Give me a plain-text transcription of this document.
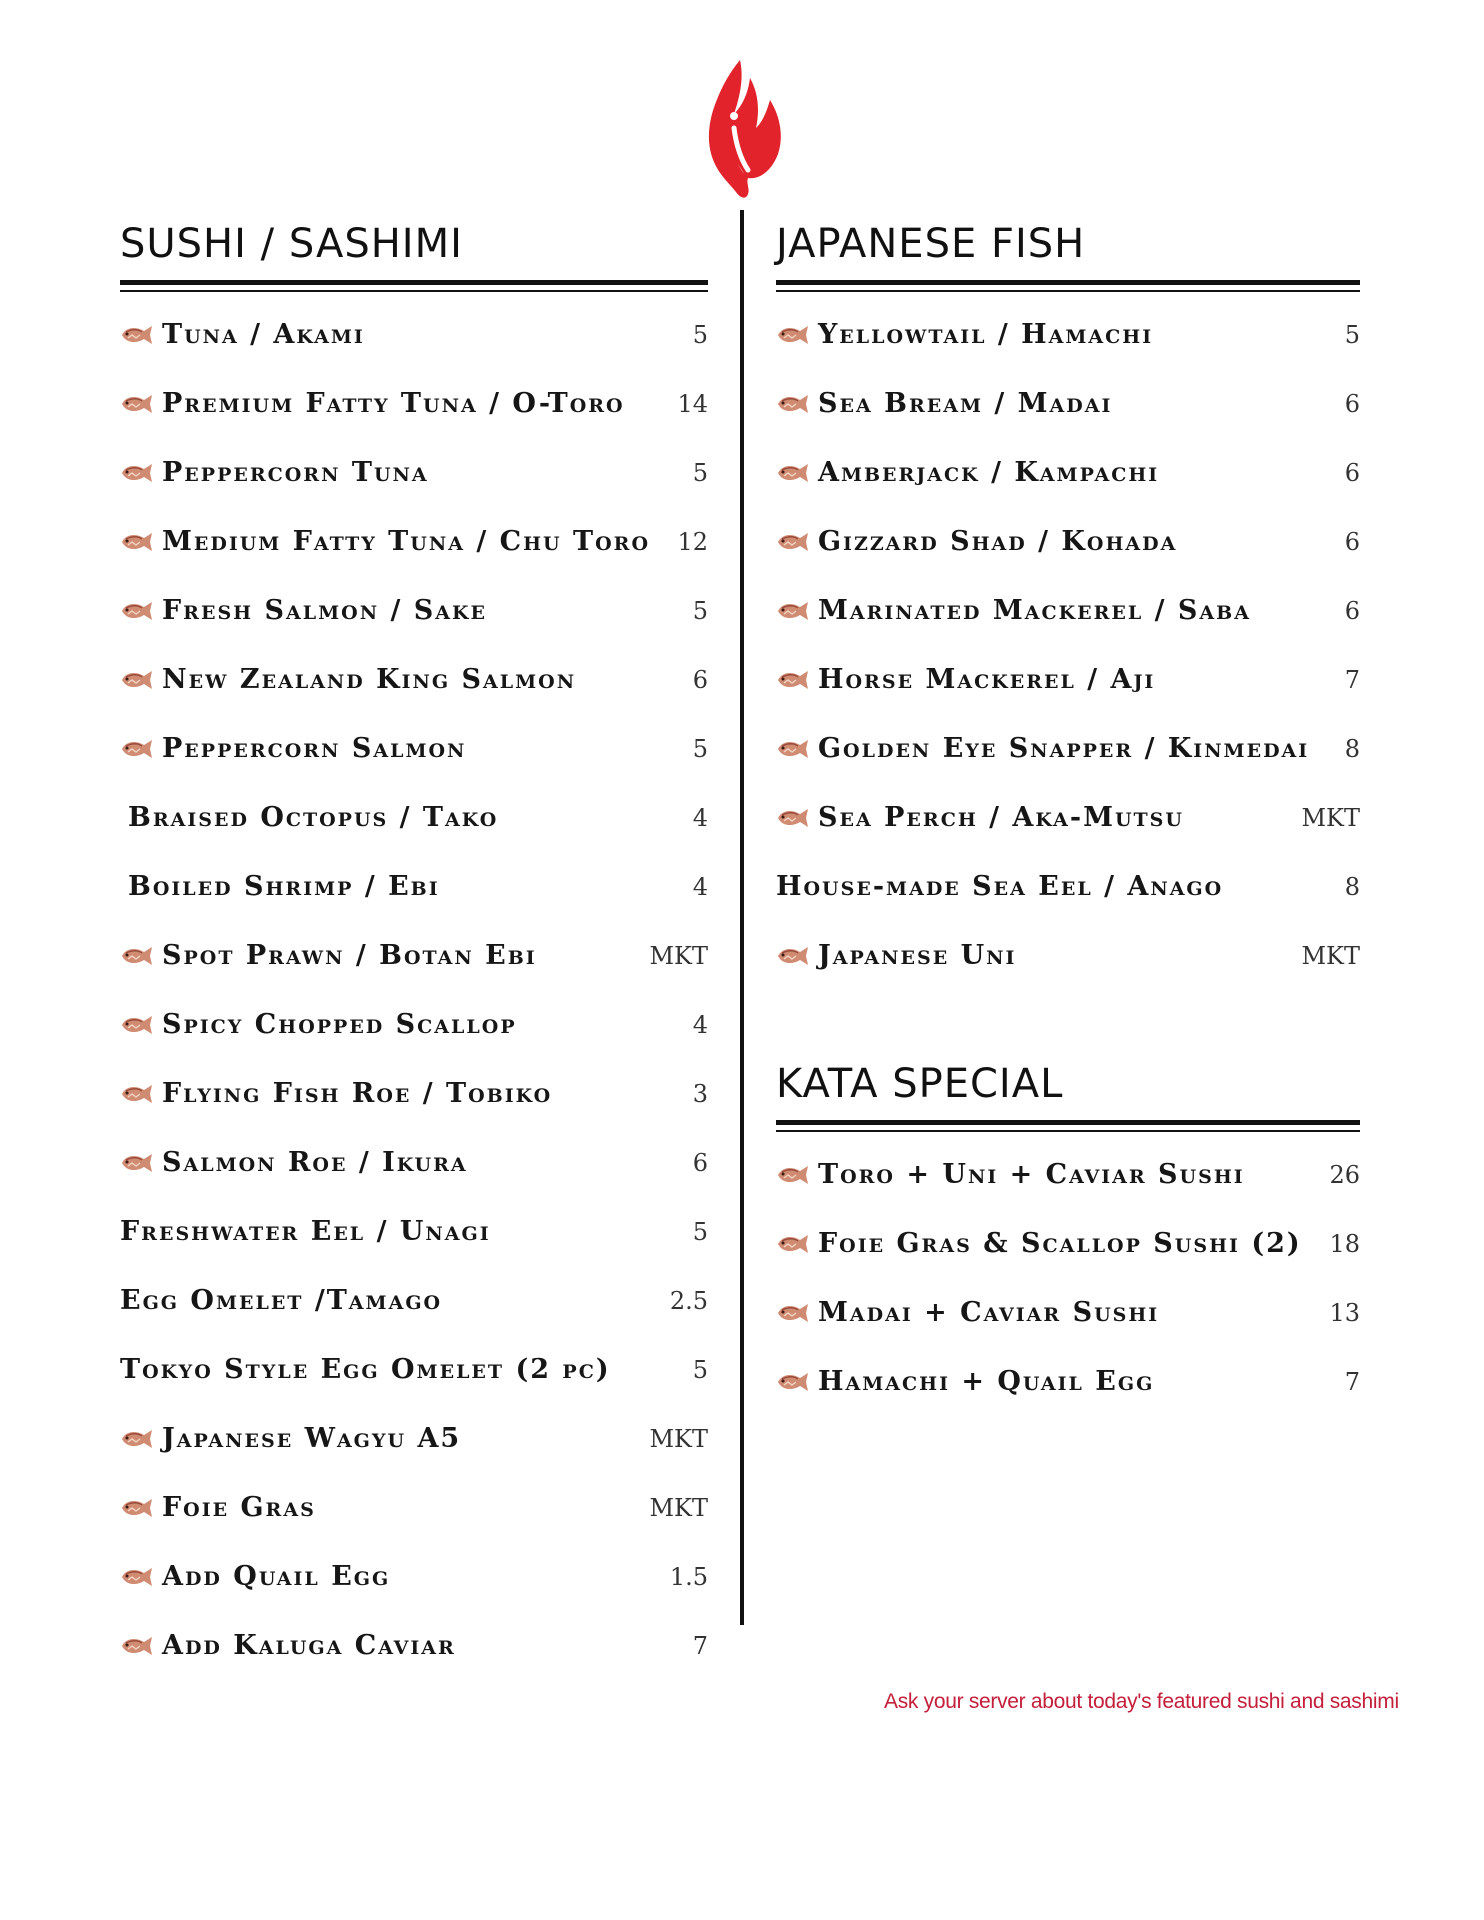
SUSHI / SASHIMI
Tuna / Akami	5
Premium Fatty Tuna / O-Toro 14
Peppercorn Tuna	5
Medium Fatty Tuna / Chu Toro 12
Fresh Salmon / Sake	5
New Zealand King Salmon	6
Peppercorn Salmon	5
Braised Octopus / Tako	4
Boiled Shrimp / Ebi	4
Spot Prawn / Botan Ebi	MKT
Spicy Chopped Scallop	4
Flying Fish Roe / Tobiko	3
Salmon Roe / Ikura	6
Freshwater Eel / Unagi	5
Egg Omelet /Tamago	2.5
Tokyo Style Egg Omelet (2 pc)	5
Japanese Wagyu A5	MKT
Foie Gras	MKT
Add Quail Egg	1.5
Add Kaluga Caviar	7
JAPANESE FISH
Yellowtail / Hamachi	5
Sea Bream / Madai	6
Amberjack / Kampachi	6
Gizzard Shad / Kohada	6
Marinated Mackerel / Saba	6
Horse Mackerel / Aji	7
Golden Eye Snapper / Kinmedai 8
Sea Perch / Aka-Mutsu	MKT
House-made Sea Eel / Anago	8
Japanese Uni	MKT
KATA SPECIAL
Toro + Uni + Caviar Sushi	26
Foie Gras & Scallop Sushi (2) 18
Madai + Caviar Sushi	13
Hamachi + Quail Egg	7
Ask your server about today's featured sushi and sashimi
